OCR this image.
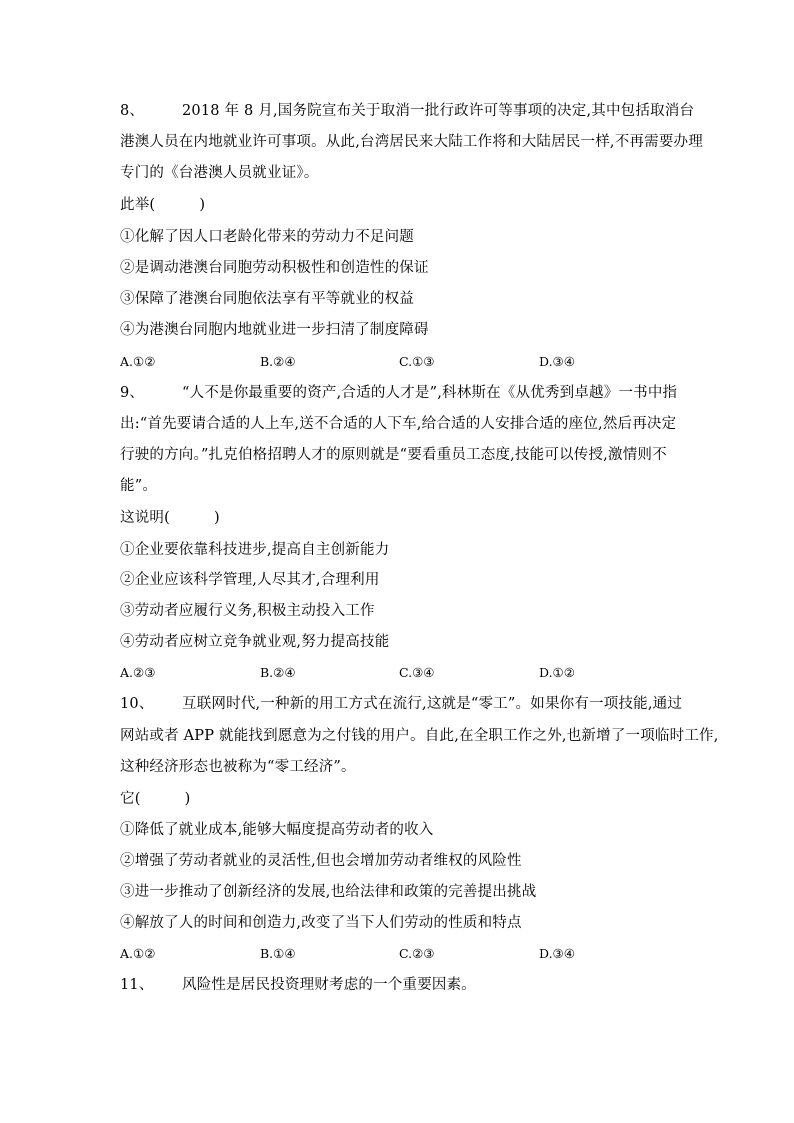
8、	2018 年 8 月,国务院宣布关于取消一批行政许可等事项的决定,其中包括取消台
港澳人员在内地就业许可事项。从此,台湾居民来大陆工作将和大陆居民一样,不再需要办理
专门的《台港澳人员就业证》。
此举(　　　)
①化解了因人口老龄化带来的劳动力不足问题
②是调动港澳台同胞劳动积极性和创造性的保证
③保障了港澳台同胞依法享有平等就业的权益
④为港澳台同胞内地就业进一步扫清了制度障碍
A.①②	B.②④	C.①③	D.③④
9、	“人不是你最重要的资产,合适的人才是”,科林斯在《从优秀到卓越》一书中指
出:“首先要请合适的人上车,送不合适的人下车,给合适的人安排合适的座位,然后再决定
行驶的方向。”扎克伯格招聘人才的原则就是“要看重员工态度,技能可以传授,激情则不
能”。
这说明(　　　)
①企业要依靠科技进步,提高自主创新能力
②企业应该科学管理,人尽其才,合理利用
③劳动者应履行义务,积极主动投入工作
④劳动者应树立竞争就业观,努力提高技能
A.②③	B.②④	C.③④	D.①②
10、 互联网时代,一种新的用工方式在流行,这就是“零工”。如果你有一项技能,通过
网站或者 APP 就能找到愿意为之付钱的用户。自此,在全职工作之外,也新增了一项临时工作,
这种经济形态也被称为“零工经济”。
它(　　　)
①降低了就业成本,能够大幅度提高劳动者的收入
②增强了劳动者就业的灵活性,但也会增加劳动者维权的风险性
③进一步推动了创新经济的发展,也给法律和政策的完善提出挑战
④解放了人的时间和创造力,改变了当下人们劳动的性质和特点
A.①②	B.①④	C.②③	D.③④
11、 风险性是居民投资理财考虑的一个重要因素。
